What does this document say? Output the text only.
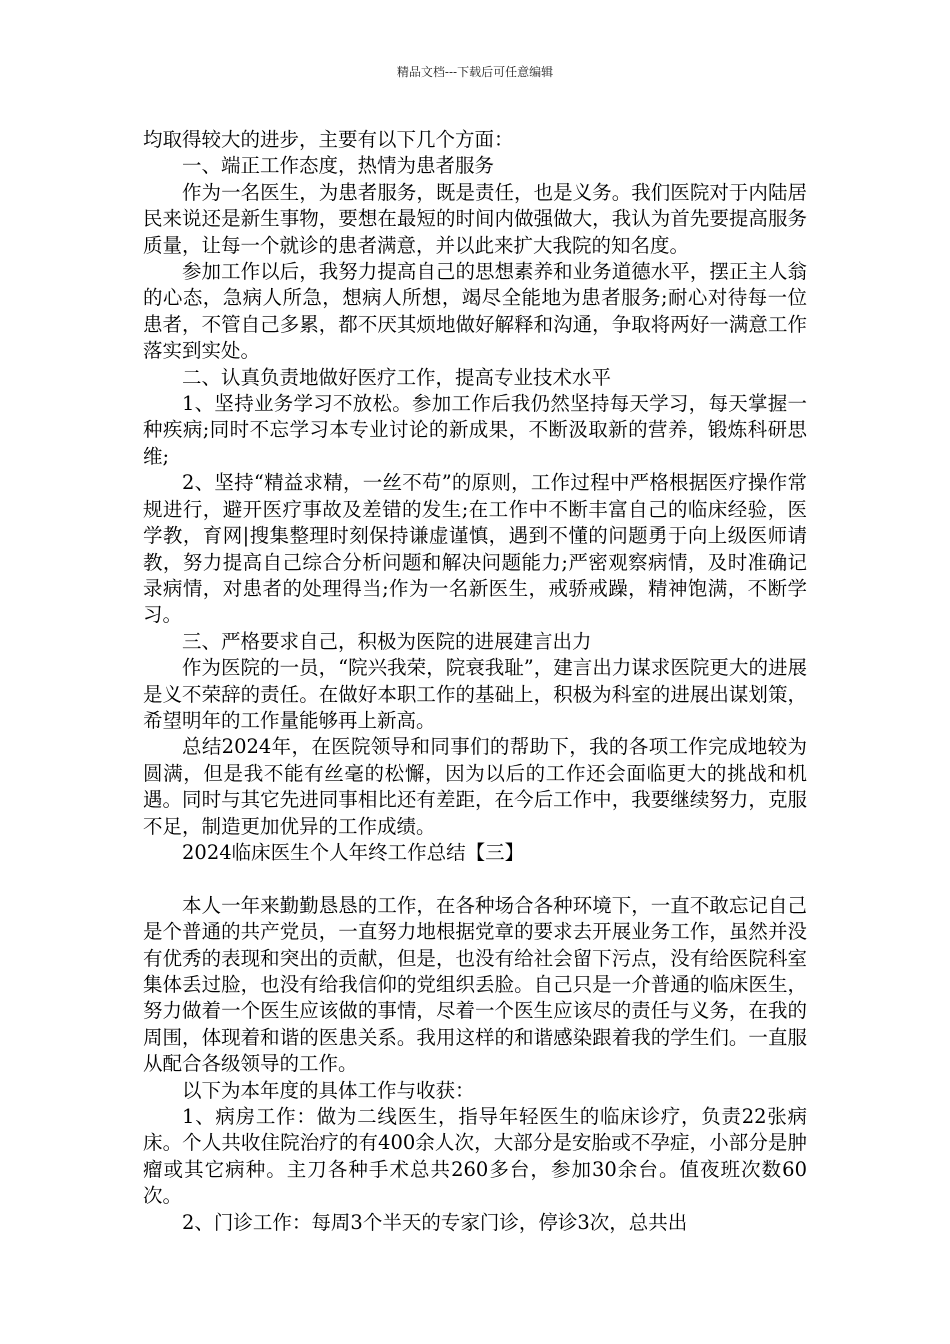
精品文档---下载后可任意编辑

均取得较大的进步，主要有以下几个方面：

一、端正工作态度，热情为患者服务

作为一名医生，为患者服务，既是责任，也是义务。我们医院对于内陆居民来说还是新生事物，要想在最短的时间内做强做大，我认为首先要提高服务质量，让每一个就诊的患者满意，并以此来扩大我院的知名度。

参加工作以后，我努力提高自己的思想素养和业务道德水平，摆正主人翁的心态，急病人所急，想病人所想，竭尽全能地为患者服务;耐心对待每一位患者，不管自己多累，都不厌其烦地做好解释和沟通，争取将两好一满意工作落实到实处。

二、认真负责地做好医疗工作，提高专业技术水平

1、坚持业务学习不放松。参加工作后我仍然坚持每天学习，每天掌握一种疾病;同时不忘学习本专业讨论的新成果，不断汲取新的营养，锻炼科研思维;

2、坚持“精益求精，一丝不苟”的原则，工作过程中严格根据医疗操作常规进行，避开医疗事故及差错的发生;在工作中不断丰富自己的临床经验，医学教，育网|搜集整理时刻保持谦虚谨慎，遇到不懂的问题勇于向上级医师请教，努力提高自己综合分析问题和解决问题能力;严密观察病情，及时准确记录病情，对患者的处理得当;作为一名新医生，戒骄戒躁，精神饱满，不断学习。

三、严格要求自己，积极为医院的进展建言出力

作为医院的一员，“院兴我荣，院衰我耻”，建言出力谋求医院更大的进展是义不荣辞的责任。在做好本职工作的基础上，积极为科室的进展出谋划策，希望明年的工作量能够再上新高。

总结2024年，在医院领导和同事们的帮助下，我的各项工作完成地较为圆满，但是我不能有丝毫的松懈，因为以后的工作还会面临更大的挑战和机遇。同时与其它先进同事相比还有差距，在今后工作中，我要继续努力，克服不足，制造更加优异的工作成绩。

2024临床医生个人年终工作总结【三】

本人一年来勤勤恳恳的工作，在各种场合各种环境下，一直不敢忘记自己是个普通的共产党员，一直努力地根据党章的要求去开展业务工作，虽然并没有优秀的表现和突出的贡献，但是，也没有给社会留下污点，没有给医院科室集体丢过脸，也没有给我信仰的党组织丢脸。自己只是一介普通的临床医生，努力做着一个医生应该做的事情，尽着一个医生应该尽的责任与义务，在我的周围，体现着和谐的医患关系。我用这样的和谐感染跟着我的学生们。一直服从配合各级领导的工作。

以下为本年度的具体工作与收获：

1、病房工作：做为二线医生，指导年轻医生的临床诊疗，负责22张病床。个人共收住院治疗的有400余人次，大部分是安胎或不孕症，小部分是肿瘤或其它病种。主刀各种手术总共260多台，参加30余台。值夜班次数60次。

2、门诊工作：每周3个半天的专家门诊，停诊3次，总共出
